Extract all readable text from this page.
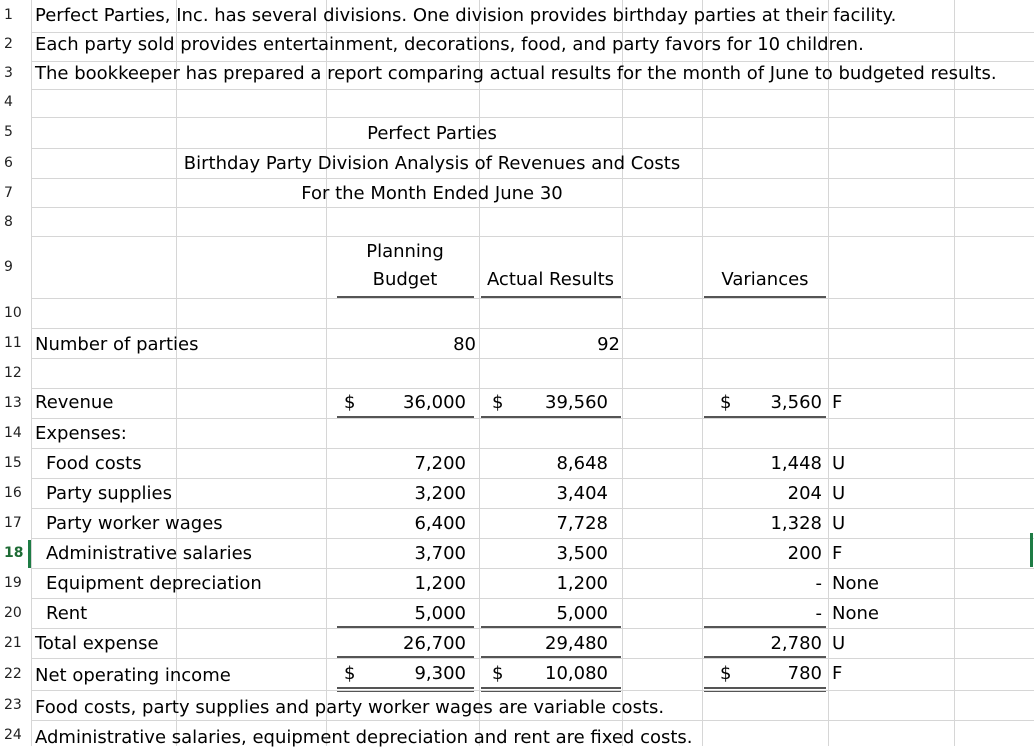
1
2
3
4
5
6
7
8
9
10
11
12
13
14
15
16
17
18
19
20
21
22
23
24
Perfect Parties, Inc. has several divisions. One division provides birthday parties at their facility.
Each party sold provides entertainment, decorations, food, and party favors for 10 children.
The bookkeeper has prepared a report comparing actual results for the month of June to budgeted results.
Perfect Parties
Birthday Party Division Analysis of Revenues and Costs
For the Month Ended June 30
Planning
Budget	Actual Results	Variances
Number of parties	80	92
Revenue	$	36,000 $	39,560	$	3,560 F
Expenses:
Food costs	7,200	8,648	1,448 U
Party supplies	3,200	3,404	204 U
Party worker wages	6,400	7,728	1,328 U
Administrative salaries	3,700	3,500	200 F
Equipment depreciation	1,200	1,200	- None
Rent	5,000	5,000	- None
Total expense	26,700	29,480	2,780 U
Net operating income	$	9,300 $	10,080	$	780 F
Food costs, party supplies and party worker wages are variable costs.
Administrative salaries, equipment depreciation and rent are fixed costs.
